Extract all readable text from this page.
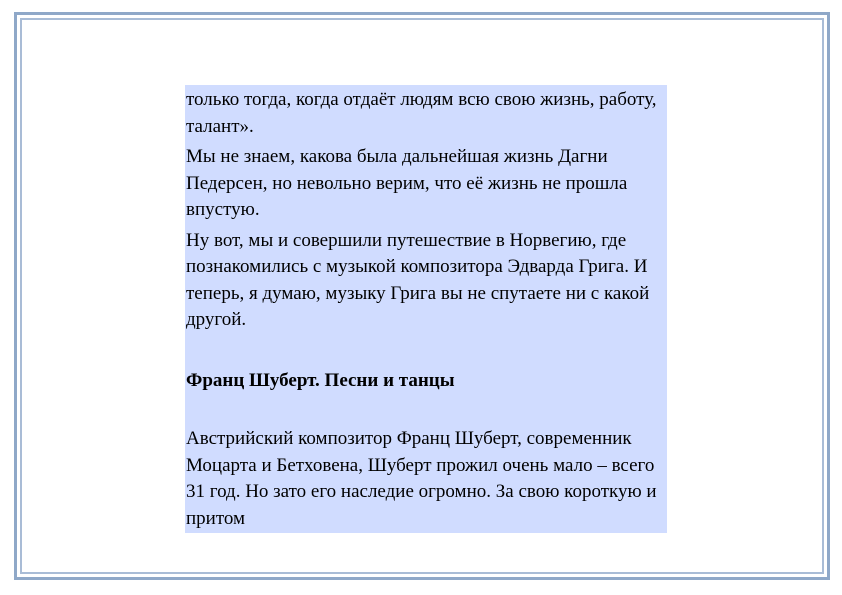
только тогда, когда отдаёт людям всю свою жизнь, работу, талант».

Мы не знаем, какова была дальнейшая жизнь Дагни Педерсен, но невольно верим, что её жизнь не прошла впустую.

Ну вот, мы и совершили путешествие в Норвегию, где познакомились с музыкой композитора Эдварда Грига. И теперь, я думаю, музыку Грига вы не спутаете ни с какой другой.

Франц Шуберт. Песни и танцы

Австрийский композитор Франц Шуберт, современник Моцарта и Бетховена, Шуберт прожил очень мало – всего 31 год. Но зато его наследие огромно. За свою короткую и притом
